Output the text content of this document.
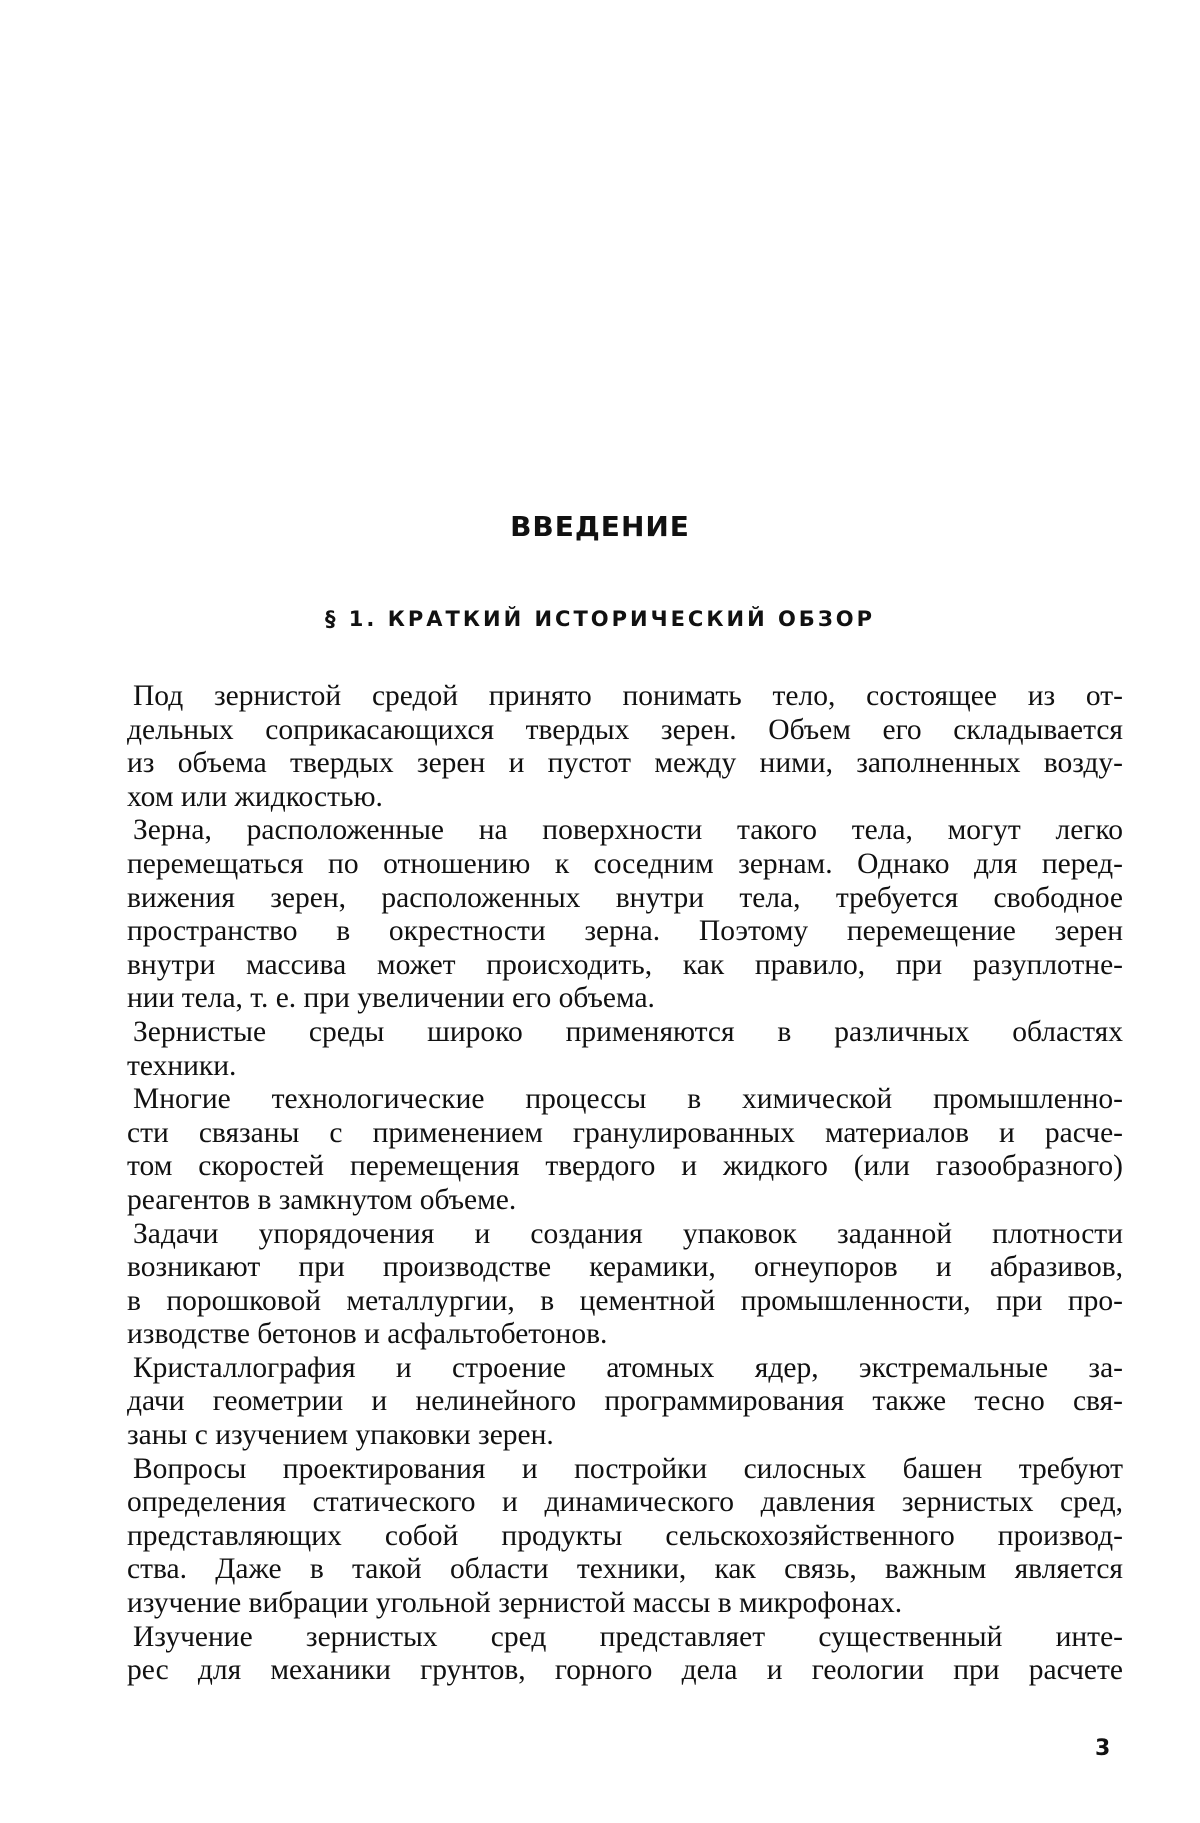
ВВЕДЕНИЕ
§ 1. КРАТКИЙ ИСТОРИЧЕСКИЙ ОБЗОР
Под зернистой средой принято понимать тело, состоящее из от-
дельных соприкасающихся твердых зерен. Объем его складывается
из объема твердых зерен и пустот между ними, заполненных возду-
хом или жидкостью.
Зерна, расположенные на поверхности такого тела, могут легко
перемещаться по отношению к соседним зернам. Однако для перед-
вижения зерен, расположенных внутри тела, требуется свободное
пространство в окрестности зерна. Поэтому перемещение зерен
внутри массива может происходить, как правило, при разуплотне-
нии тела, т. е. при увеличении его объема.
Зернистые среды широко применяются в различных областях
техники.
Многие технологические процессы в химической промышленно-
сти связаны с применением гранулированных материалов и расче-
том скоростей перемещения твердого и жидкого (или газообразного)
реагентов в замкнутом объеме.
Задачи упорядочения и создания упаковок заданной плотности
возникают при производстве керамики, огнеупоров и абразивов,
в порошковой металлургии, в цементной промышленности, при про-
изводстве бетонов и асфальтобетонов.
Кристаллография и строение атомных ядер, экстремальные за-
дачи геометрии и нелинейного программирования также тесно свя-
заны с изучением упаковки зерен.
Вопросы проектирования и постройки силосных башен требуют
определения статического и динамического давления зернистых сред,
представляющих собой продукты сельскохозяйственного производ-
ства. Даже в такой области техники, как связь, важным является
изучение вибрации угольной зернистой массы в микрофонах.
Изучение зернистых сред представляет существенный инте-
рес для механики грунтов, горного дела и геологии при расчете
3
